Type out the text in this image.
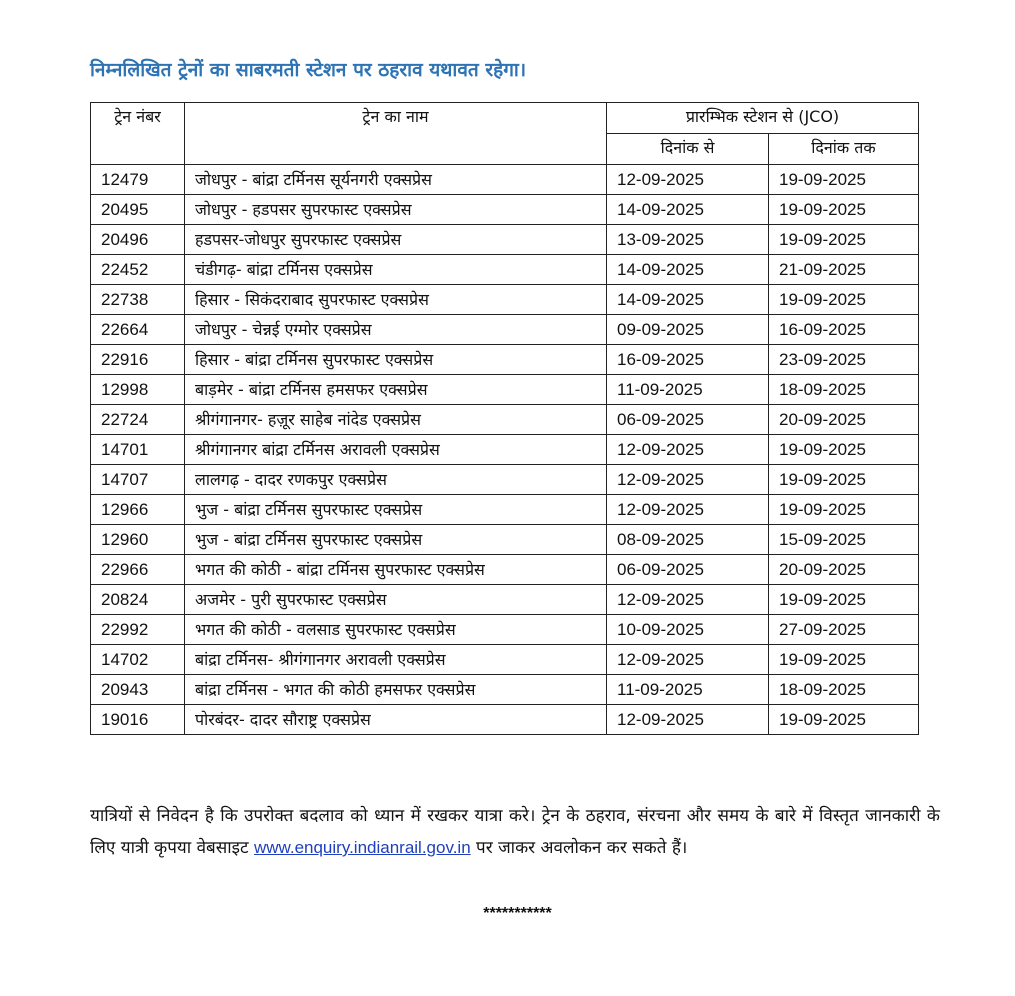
निम्नलिखित ट्रेनों का साबरमती स्टेशन पर ठहराव यथावत रहेगा।
ट्रेन नंबर	ट्रेन का नाम	प्रारम्भिक स्टेशन से (JCO)	
		दिनांक से	दिनांक तक
12479	जोधपुर - बांद्रा टर्मिनस सूर्यनगरी एक्सप्रेस	12-09-2025	19-09-2025
20495	जोधपुर - हडपसर सुपरफास्ट एक्सप्रेस	14-09-2025	19-09-2025
20496	हडपसर-जोधपुर सुपरफास्ट एक्सप्रेस	13-09-2025	19-09-2025
22452	चंडीगढ़- बांद्रा टर्मिनस एक्सप्रेस	14-09-2025	21-09-2025
22738	हिसार - सिकंदराबाद सुपरफास्ट एक्सप्रेस	14-09-2025	19-09-2025
22664	जोधपुर - चेन्नई एग्मोर एक्सप्रेस	09-09-2025	16-09-2025
22916	हिसार - बांद्रा टर्मिनस सुपरफास्ट एक्सप्रेस	16-09-2025	23-09-2025
12998	बाड़मेर - बांद्रा टर्मिनस हमसफर एक्सप्रेस	11-09-2025	18-09-2025
22724	श्रीगंगानगर- हज़ूर साहेब नांदेड एक्सप्रेस	06-09-2025	20-09-2025
14701	श्रीगंगानगर बांद्रा टर्मिनस अरावली एक्सप्रेस	12-09-2025	19-09-2025
14707	लालगढ़ - दादर रणकपुर एक्सप्रेस	12-09-2025	19-09-2025
12966	भुज - बांद्रा टर्मिनस सुपरफास्ट एक्सप्रेस	12-09-2025	19-09-2025
12960	भुज - बांद्रा टर्मिनस सुपरफास्ट एक्सप्रेस	08-09-2025	15-09-2025
22966	भगत की कोठी - बांद्रा टर्मिनस सुपरफास्ट एक्सप्रेस	06-09-2025	20-09-2025
20824	अजमेर - पुरी सुपरफास्ट एक्सप्रेस	12-09-2025	19-09-2025
22992	भगत की कोठी - वलसाड सुपरफास्ट एक्सप्रेस	10-09-2025	27-09-2025
14702	बांद्रा टर्मिनस- श्रीगंगानगर अरावली एक्सप्रेस	12-09-2025	19-09-2025
20943	बांद्रा टर्मिनस - भगत की कोठी हमसफर एक्सप्रेस	11-09-2025	18-09-2025
19016	पोरबंदर- दादर सौराष्ट्र एक्सप्रेस	12-09-2025	19-09-2025
यात्रियों से निवेदन है कि उपरोक्त बदलाव को ध्यान में रखकर यात्रा करे। ट्रेन के ठहराव, संरचना और समय के बारे में विस्तृत जानकारी के लिए यात्री कृपया वेबसाइट www.enquiry.indianrail.gov.in पर जाकर अवलोकन कर सकते हैं।
***********
